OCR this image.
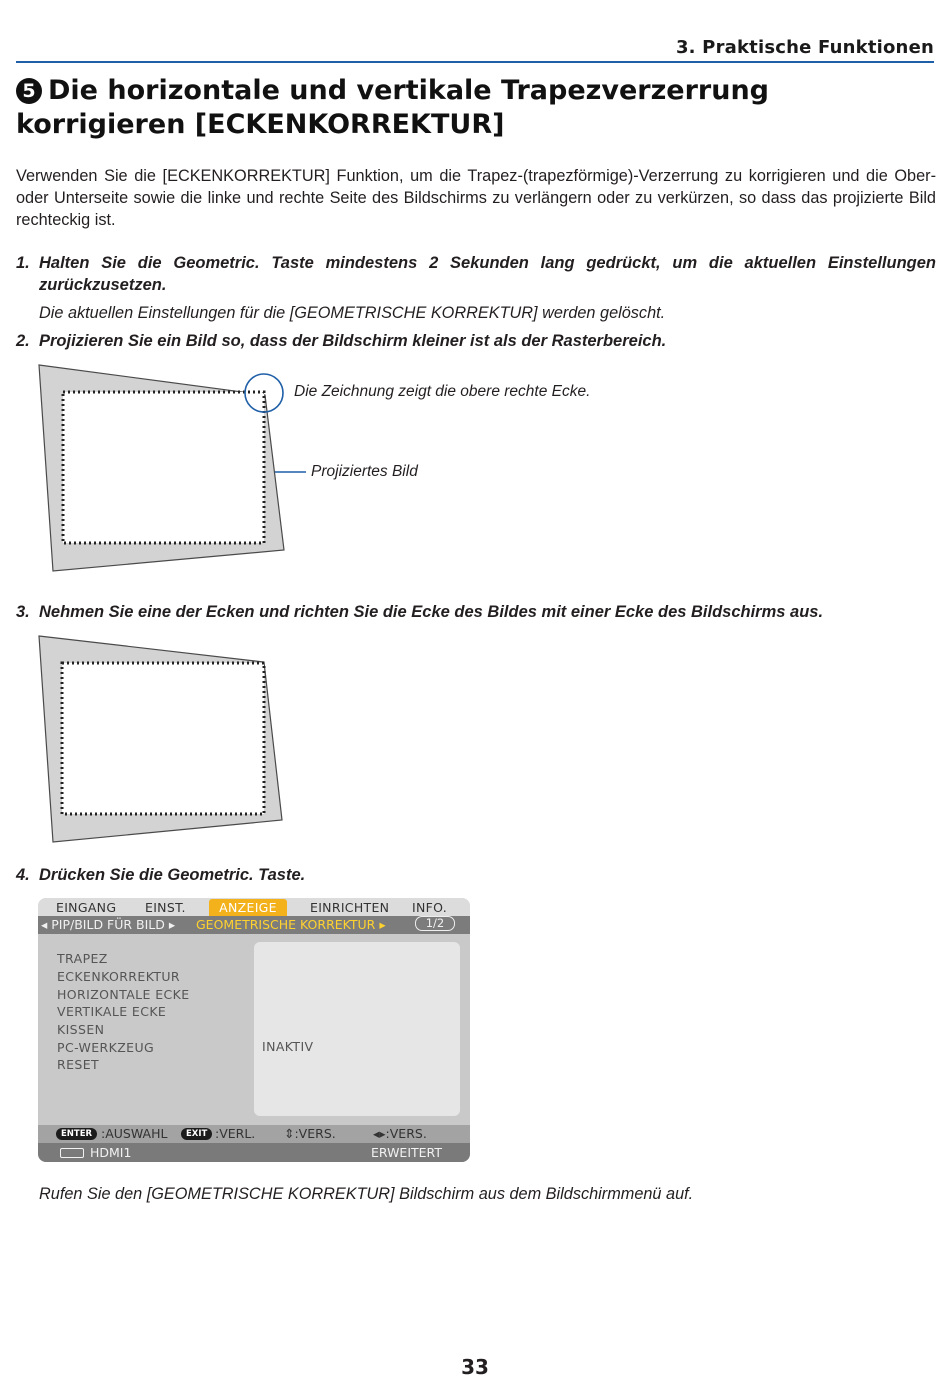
3. Praktische Funktionen
5 Die horizontale und vertikale Trapezverzerrung korrigieren [ECKENKORREKTUR]
Verwenden Sie die [ECKENKORREKTUR] Funktion, um die Trapez-(trapezförmige)-Verzerrung zu korrigieren und die Ober- oder Unterseite sowie die linke und rechte Seite des Bildschirms zu verlängern oder zu verkürzen, so dass das projizierte Bild rechteckig ist.
1. Halten Sie die Geometric. Taste mindestens 2 Sekunden lang gedrückt, um die aktuellen Einstellungen zurückzusetzen.
Die aktuellen Einstellungen für die [GEOMETRISCHE KORREKTUR] werden gelöscht.
2. Projizieren Sie ein Bild so, dass der Bildschirm kleiner ist als der Rasterbereich.
Die Zeichnung zeigt die obere rechte Ecke.
Projiziertes Bild
3. Nehmen Sie eine der Ecken und richten Sie die Ecke des Bildes mit einer Ecke des Bildschirms aus.
4. Drücken Sie die Geometric. Taste.
EINGANG EINST.	ANZEIGE	EINRICHTEN INFO.
◂ PIP/BILD FÜR BILD ▸ GEOMETRISCHE KORREKTUR ▸	1/2
TRAPEZ
ECKENKORREKTUR
HORIZONTALE ECKE
VERTIKALE ECKE
KISSEN
PC-WERKZEUG
RESET
INAKTIV
ENTER :AUSWAHL	EXIT :VERL. ⇕:VERS.	◂▸:VERS.
HDMI1	ERWEITERT
Rufen Sie den [GEOMETRISCHE KORREKTUR] Bildschirm aus dem Bildschirmmenü auf.
33
